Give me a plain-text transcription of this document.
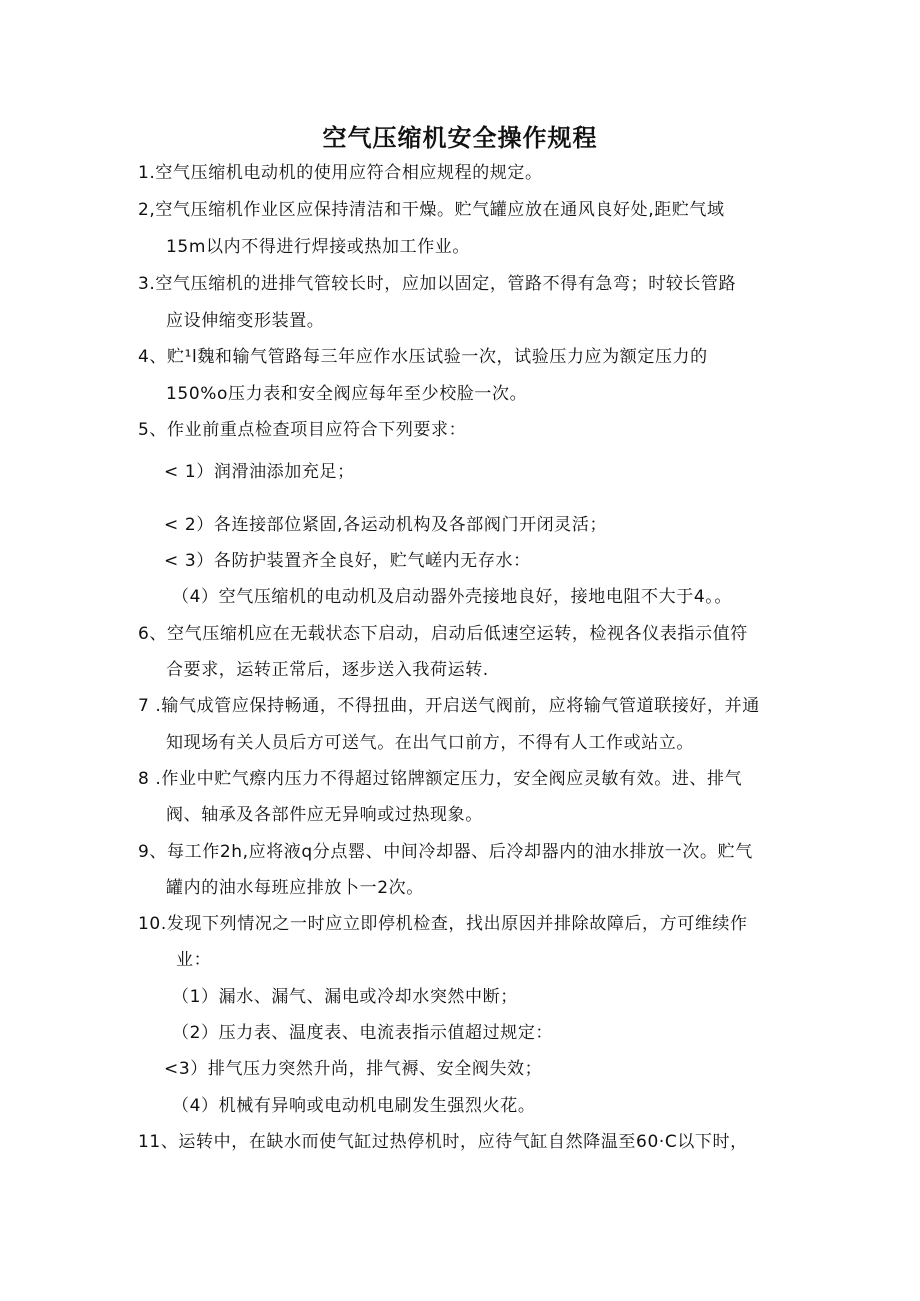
空气压缩机安全操作规程
1.空气压缩机电动机的使用应符合相应规程的规定。
2,空气压缩机作业区应保持清洁和干燥。贮气罐应放在通风良好处,距贮气域
15m以内不得进行焊接或热加工作业。
3.空气压缩机的进排气管较长时，应加以固定，管路不得有急弯；时较长管路
应设伸缩变形装置。
4、贮¹l魏和输气管路每三年应作水压试验一次，试验压力应为额定压力的
150%o压力表和安全阀应每年至少校脸一次。
5、作业前重点检查项目应符合下列要求：
< 1）润滑油添加充足；
< 2）各连接部位紧固,各运动机构及各部阀门开闭灵活；
< 3）各防护装置齐全良好，贮气嵯内无存水：
（4）空气压缩机的电动机及启动器外壳接地良好，接地电阻不大于4。。
6、空气压缩机应在无载状态下启动，启动后低速空运转，检视各仪表指示值符
合要求，运转正常后，逐步送入我荷运转.
7 .输气成管应保持畅通，不得扭曲，开启送气阀前，应将输气管道联接好，并通
知现场有关人员后方可送气。在出气口前方，不得有人工作或站立。
8 .作业中贮气瘵内压力不得超过铭牌额定压力，安全阀应灵敏有效。进、排气
阀、轴承及各部件应无异响或过热现象。
9、每工作2h,应将液q分点罂、中间冷却器、后冷却器内的油水排放一次。贮气
罐内的油水每班应排放卜一2次。
10.发现下列情况之一时应立即停机检查，找出原因并排除故障后，方可维续作
业：
（1）漏水、漏气、漏电或冷却水突然中断；
（2）压力表、温度表、电流表指示值超过规定：
<3）排气压力突然升尚，排气褥、安全阀失效；
（4）机械有异响或电动机电刷发生强烈火花。
11、运转中，在缺水而使气缸过热停机时，应待气缸自然降温至60·C以下时，
